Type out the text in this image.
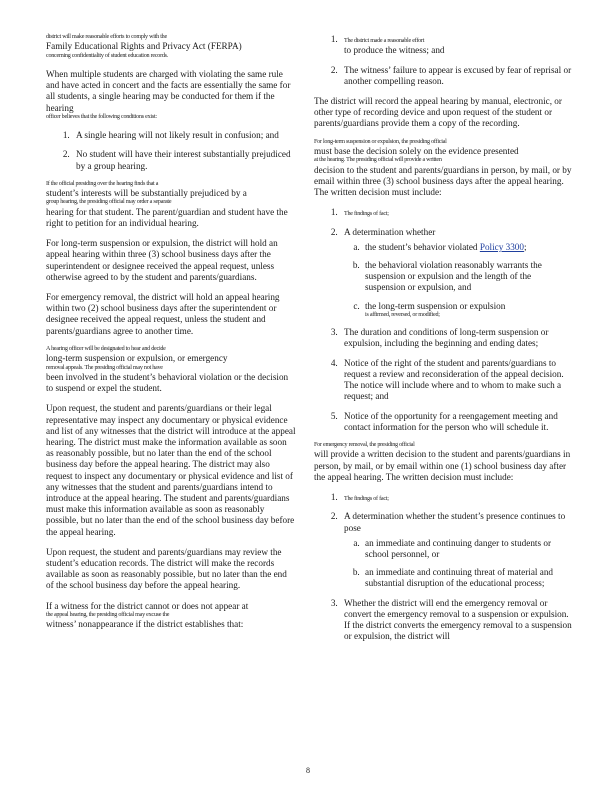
district will make reasonable efforts to comply with the
Family Educational Rights and Privacy Act (FERPA)
concerning confidentiality of student education records.

When multiple students are charged with violating the same rule and have acted in concert and the facts are essentially the same for all students, a single hearing may be conducted for them if the hearing
officer believes that the following conditions exist:

1. A single hearing will not likely result in confusion; and
2. No student will have their interest substantially prejudiced by a group hearing.

If the official presiding over the hearing finds that a
student’s interests will be substantially prejudiced by a
group hearing, the presiding official may order a separate
hearing for that student. The parent/guardian and student have the right to petition for an individual hearing.

For long-term suspension or expulsion, the district will hold an appeal hearing within three (3) school business days after the superintendent or designee received the appeal request, unless otherwise agreed to by the student and parents/guardians.

For emergency removal, the district will hold an appeal hearing within two (2) school business days after the superintendent or designee received the appeal request, unless the student and parents/guardians agree to another time.

A hearing officer will be designated to hear and decide
long-term suspension or expulsion, or emergency
removal appeals. The presiding official may not have
been involved in the student’s behavioral violation or the decision to suspend or expel the student.

Upon request, the student and parents/guardians or their legal representative may inspect any documentary or physical evidence and list of any witnesses that the district will introduce at the appeal hearing. The district must make the information available as soon as reasonably possible, but no later than the end of the school business day before the appeal hearing. The district may also request to inspect any documentary or physical evidence and list of any witnesses that the student and parents/guardians intend to introduce at the appeal hearing. The student and parents/guardians must make this information available as soon as reasonably possible, but no later than the end of the school business day before the appeal hearing.

Upon request, the student and parents/guardians may review the student’s education records. The district will make the records available as soon as reasonably possible, but no later than the end of the school business day before the appeal hearing.

If a witness for the district cannot or does not appear at
the appeal hearing, the presiding official may excuse the
witness’ nonappearance if the district establishes that:

1. The district made a reasonable effort
to produce the witness; and
2. The witness’ failure to appear is excused by fear of reprisal or another compelling reason.

The district will record the appeal hearing by manual, electronic, or other type of recording device and upon request of the student or parents/guardians provide them a copy of the recording.

For long-term suspension or expulsion, the presiding official
must base the decision solely on the evidence presented
at the hearing. The presiding official will provide a written
decision to the student and parents/guardians in person, by mail, or by email within three (3) school business days after the appeal hearing. The written decision must include:

1. The findings of fact;
2. A determination whether
a. the student’s behavior violated Policy 3300;
b. the behavioral violation reasonably warrants the suspension or expulsion and the length of the suspension or expulsion, and
c. the long-term suspension or expulsion
is affirmed, reversed, or modified;
3. The duration and conditions of long-term suspension or expulsion, including the beginning and ending dates;
4. Notice of the right of the student and parents/guardians to request a review and reconsideration of the appeal decision. The notice will include where and to whom to make such a request; and
5. Notice of the opportunity for a reengagement meeting and contact information for the person who will schedule it.

For emergency removal, the presiding official
will provide a written decision to the student and parents/guardians in person, by mail, or by email within one (1) school business day after the appeal hearing. The written decision must include:

1. The findings of fact;
2. A determination whether the student’s presence continues to pose
a. an immediate and continuing danger to students or school personnel, or
b. an immediate and continuing threat of material and substantial disruption of the educational process;
3. Whether the district will end the emergency removal or convert the emergency removal to a suspension or expulsion. If the district converts the emergency removal to a suspension or expulsion, the district will
8
